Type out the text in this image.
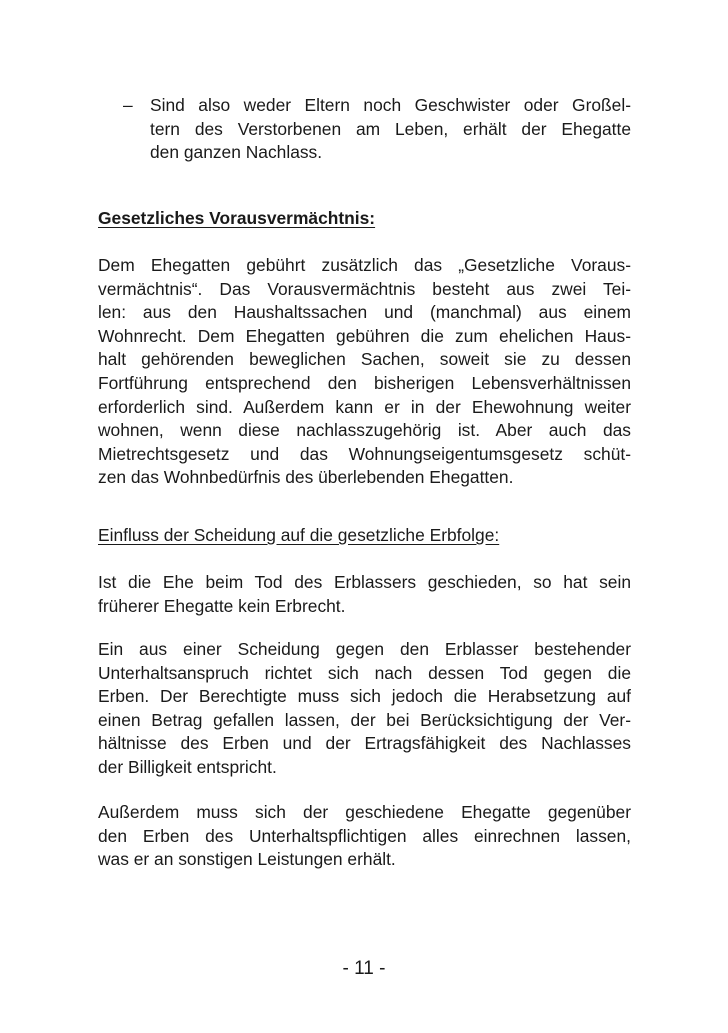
– Sind also weder Eltern noch Geschwister oder Großel-
tern des Verstorbenen am Leben, erhält der Ehegatte
den ganzen Nachlass.
Gesetzliches Vorausvermächtnis:
Dem Ehegatten gebührt zusätzlich das „Gesetzliche Voraus-
vermächtnis“. Das Vorausvermächtnis besteht aus zwei Tei-
len: aus den Haushaltssachen und (manchmal) aus einem
Wohnrecht. Dem Ehegatten gebühren die zum ehelichen Haus-
halt gehörenden beweglichen Sachen, soweit sie zu dessen
Fortführung entsprechend den bisherigen Lebensverhältnissen
erforderlich sind. Außerdem kann er in der Ehewohnung weiter
wohnen, wenn diese nachlasszugehörig ist. Aber auch das
Mietrechtsgesetz und das Wohnungseigentumsgesetz schüt-
zen das Wohnbedürfnis des überlebenden Ehegatten.
Einfluss der Scheidung auf die gesetzliche Erbfolge:
Ist die Ehe beim Tod des Erblassers geschieden, so hat sein
früherer Ehegatte kein Erbrecht.
Ein aus einer Scheidung gegen den Erblasser bestehender
Unterhaltsanspruch richtet sich nach dessen Tod gegen die
Erben. Der Berechtigte muss sich jedoch die Herabsetzung auf
einen Betrag gefallen lassen, der bei Berücksichtigung der Ver-
hältnisse des Erben und der Ertragsfähigkeit des Nachlasses
der Billigkeit entspricht.
Außerdem muss sich der geschiedene Ehegatte gegenüber
den Erben des Unterhaltspflichtigen alles einrechnen lassen,
was er an sonstigen Leistungen erhält.
- 11 -
